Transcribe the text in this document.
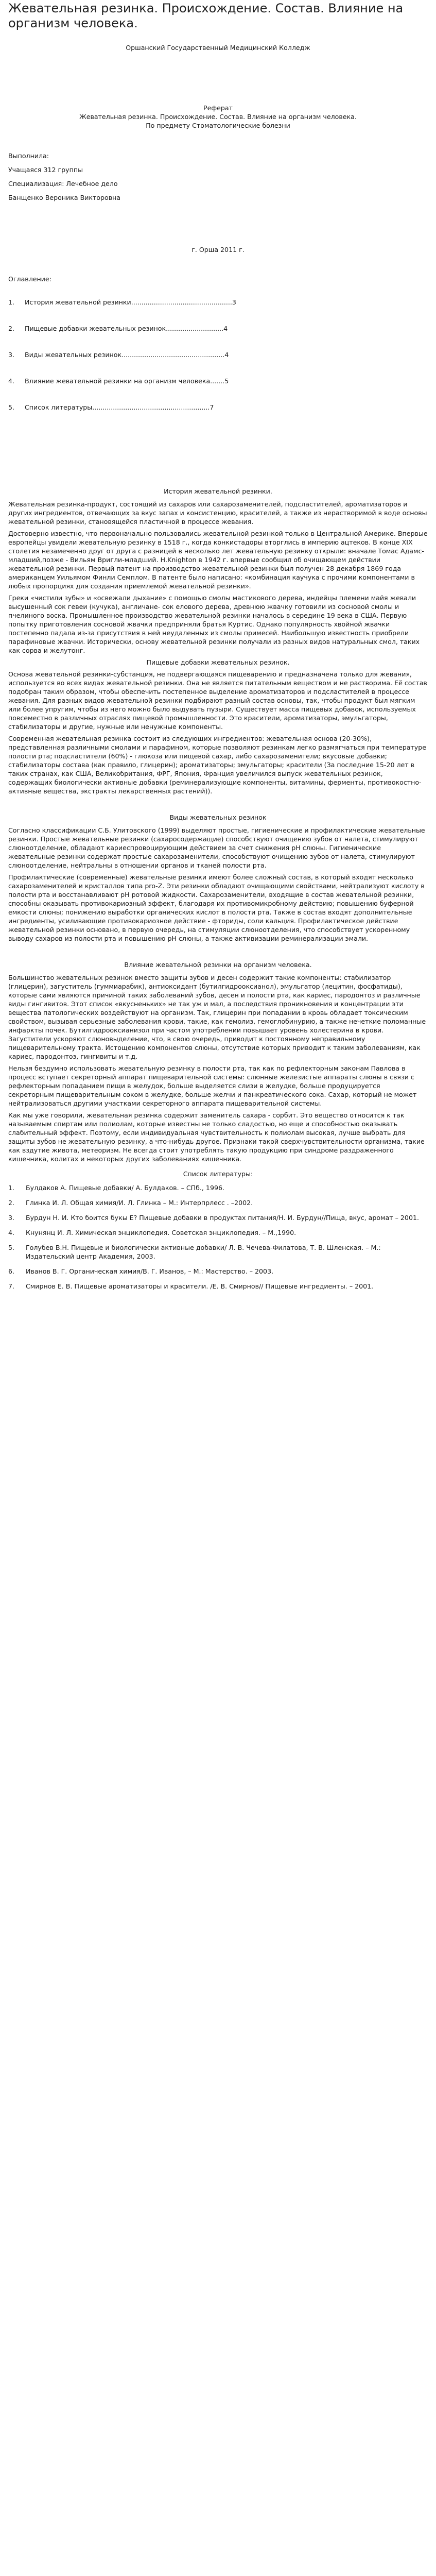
Жевательная резинка. Происхождение. Состав. Влияние на организм человека.

Оршанский Государственный Медицинский Колледж

Реферат

Жевательная резинка. Происхождение. Состав. Влияние на организм человека.

По предмету Стоматологические болезни

Выполнила:

Учащаяся 312 группы

Специализация: Лечебное дело

Банщенко Вероника Викторовна

г. Орша 2011 г.

Оглавление:

1.	История жевательной резинки.................................................3
2.	Пищевые добавки жевательных резинок............................4
3.	Виды жевательных резинок..................................................4
4.	Влияние жевательной резинки на организм человека.......5
5.	Список литературы.........................................................7

История жевательной резинки.

Жевательная резинка-продукт, состоящий из сахаров или сахарозаменителей, подсластителей, ароматизаторов и других ингредиентов, отвечающих за вкус запах и консистенцию, красителей, а также из нерастворимой в воде основы жевательной резинки, становящейся пластичной в процессе жевания.

Достоверно известно, что первоначально пользовались жевательной резинкой только в Центральной Америке. Впервые европейцы увидели жевательную резинку в 1518 г., когда конкистадоры вторглись в империю ацтеков. В конце XIX столетия незамеченно друг от друга с разницей в несколько лет жевательную резинку открыли: вначале Томас Адамс-младший,позже - Вильям Вригли-младший. Н.Knighton в 1942 г. впервые сообщил об очищающем действии жевательной резинки. Первый патент на производство жевательной резинки был получен 28 декабря 1869 года американцем Уильямом Финли Семплом. В патенте было написано: «комбинация каучука с прочими компонентами в любых пропорциях для создания приемлемой жевательной резинки».

Греки «чистили зубы» и «освежали дыхание» с помощью смолы мастикового дерева, индейцы племени майя жевали высушенный сок гевеи (кучука), англичане- сок елового дерева, древнюю жвачку готовили из сосновой смолы и пчелиного воска. Промышленное производство жевательной резинки началось в середине 19 века в США. Первую попытку приготовления сосновой жвачки предприняли братья Куртис. Однако популярность хвойной жвачки постепенно падала из-за присутствия в ней неудаленных из смолы примесей. Наибольшую известность приобрели парафиновые жвачки. Исторически, основу жевательной резинки получали из разных видов натуральных смол, таких как сорва и желутонг.

Пищевые добавки жевательных резинок.

Основа жевательной резинки-субстанция, не подвергающаяся пищеварению и предназначена только для жевания, используется во всех видах жевательной резинки. Она не является питательным веществом и не растворима. Её состав подобран таким образом, чтобы обеспечить постепенное выделение ароматизаторов и подсластителей в процессе жевания. Для разных видов жевательной резинки подбирают разный состав основы, так, чтобы продукт был мягким или более упругим, чтобы из него можно было выдувать пузыри. Существует масса пищевых добавок, используемых повсеместно в различных отраслях пищевой промышленности. Это красители, ароматизаторы, эмульгаторы, стабилизаторы и другие, нужные или ненужные компоненты.

Современная жевательная резинка состоит из следующих ингредиентов: жевательная основа (20-30%), представленная различными смолами и парафином, которые позволяют резинкам легко размягчаться при температуре полости рта; подсластители (60%) - глюкоза или пищевой сахар, либо сахарозаменители; вкусовые добавки; стабилизаторы состава (как правило, глицерин); ароматизаторы; эмульгаторы; красители (За последние 15-20 лет в таких странах, как США, Великобритания, ФРГ, Япония, Франция увеличился выпуск жевательных резинок, содержащих биологически активные добавки (реминерализующие компоненты, витамины, ферменты, противокостно-активные вещества, экстракты лекарственных растений)).

Виды жевательных резинок

Согласно классификации С.Б. Улитовского (1999) выделяют простые, гигиенические и профилактические жевательные резинки. Простые жевательные резинки (сахаросодержащие) способствуют очищению зубов от налета, стимулируют слюноотделение, обладают кариеспровоцирующим действием за счет снижения рН слюны. Гигиенические жевательные резинки содержат простые сахарозаменители, способствуют очищению зубов от налета, стимулируют слюноотделение, нейтральны в отношении органов и тканей полости рта.

Профилактические (современные) жевательные резинки имеют более сложный состав, в который входят несколько сахарозаменителей и кристаллов типа рro-Z. Эти резинки обладают очищающими свойствами, нейтрализуют кислоту в полости рта и восстанавливают рН ротовой жидкости. Сахарозаменители, входящие в состав жевательной резинки, способны оказывать противокариозный эффект, благодаря их противомикробному действию; повышению буферной емкости слюны; понижению выработки органических кислот в полости рта. Также в состав входят дополнительные ингредиенты, усиливающие противокариозное действие - фториды, соли кальция. Профилактическое действие жевательной резинки основано, в первую очередь, на стимуляции слюноотделения, что способствует ускоренному выводу сахаров из полости рта и повышению рН слюны, а также активизации реминерализации эмали.

Влияние жевательной резинки на организм человека.

Большинство жевательных резинок вместо защиты зубов и десен содержит такие компоненты: стабилизатор (глицерин), загуститель (гуммиарабик), антиоксидант (бутилгидрооксианол), эмульгатор (лецитин, фосфатиды), которые сами являются причиной таких заболеваний зубов, десен и полости рта, как кариес, пародонтоз и различные виды гингивитов. Этот список «вкусненьких» не так уж и мал, а последствия проникновения и концентрации эти вещества патологических воздействуют на организм. Так, глицерин при попадании в кровь обладает токсическим свойством, вызывая серьезные заболевания крови, такие, как гемолиз, гемоглобинурию, а также нечеткие поломанные инфаркты почек. Бутилгидрооксианизол при частом употреблении повышает уровень холестерина в крови. Загустители ускоряют слюновыделение, что, в свою очередь, приводит к постоянному неправильному пищеварительному тракта. Истощению компонентов слюны, отсутствие которых приводит к таким заболеваниям, как кариес, пародонтоз, гингивиты и т.д.

Нельзя бездумно использовать жевательную резинку в полости рта, так как по рефлекторным законам Павлова в процесс вступает секреторный аппарат пищеварительной системы: слюнные железистые аппараты слюны в связи с рефлекторным попаданием пищи в желудок, больше выделяется слизи в желудке, больше продуцируется секреторным пищеварительным соком в желудке, больше желчи и панкреатического сока. Сахар, который не может нейтрализоваться другими участками секреторного аппарата пищеварительной системы.

Как мы уже говорили, жевательная резинка содержит заменитель сахара - сорбит. Это вещество относится к так называемым спиртам или полиолам, которые известны не только сладостью, но еще и способностью оказывать слабительный эффект. Поэтому, если индивидуальная чувствительность к полиолам высокая, лучше выбрать для защиты зубов не жевательную резинку, а что-нибудь другое. Признаки такой сверхчувствительности организма, такие как вздутие живота, метеоризм. Не всегда стоит употреблять такую продукцию при синдроме раздраженного кишечника, колитах и некоторых других заболеваниях кишечника.

Список литературы:

1.	Булдаков А. Пищевые добавки/ А. Булдаков. – СПб., 1996.
2.	Глинка И. Л. Общая химия/И. Л. Глинка – М.: Интерпрлесс . –2002.
3.	Бурдун Н. И. Кто боится букы Е? Пищевые добавки в продуктах питания/Н. И. Бурдун//Пища, вкус, аромат – 2001.
4.	Кнунянц И. Л. Химическая энциклопедия. Советская энциклопедия. – М.,1990.
5.	Голубев В.Н. Пищевые и биологически активные добавки/ Л. В. Чечева-Филатова, Т. В. Шленская. – М.: Издательский центр Академия, 2003.
6.	Иванов В. Г. Органическая химия/В. Г. Иванов, – М.: Мастерство. – 2003.
7.	Смирнов Е. В. Пищевые ароматизаторы и красители. /Е. В. Смирнов// Пищевые ингредиенты. – 2001.
